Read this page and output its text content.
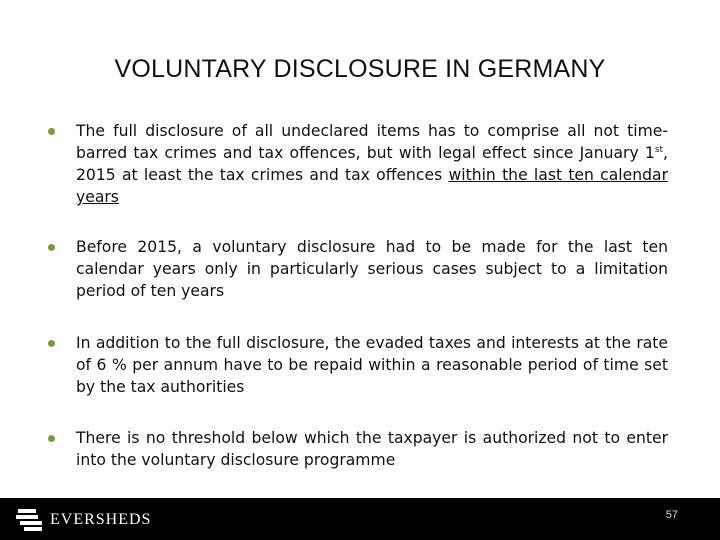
VOLUNTARY DISCLOSURE IN GERMANY
The full disclosure of all undeclared items has to comprise all not time-barred tax crimes and tax offences, but with legal effect since January 1st, 2015 at least the tax crimes and tax offences within the last ten calendar years
Before 2015, a voluntary disclosure had to be made for the last ten calendar years only in particularly serious cases subject to a limitation period of ten years
In addition to the full disclosure, the evaded taxes and interests at the rate of 6 % per annum have to be repaid within a reasonable period of time set by the tax authorities
There is no threshold below which the taxpayer is authorized not to enter into the voluntary disclosure programme
EVERSHEDS	57
